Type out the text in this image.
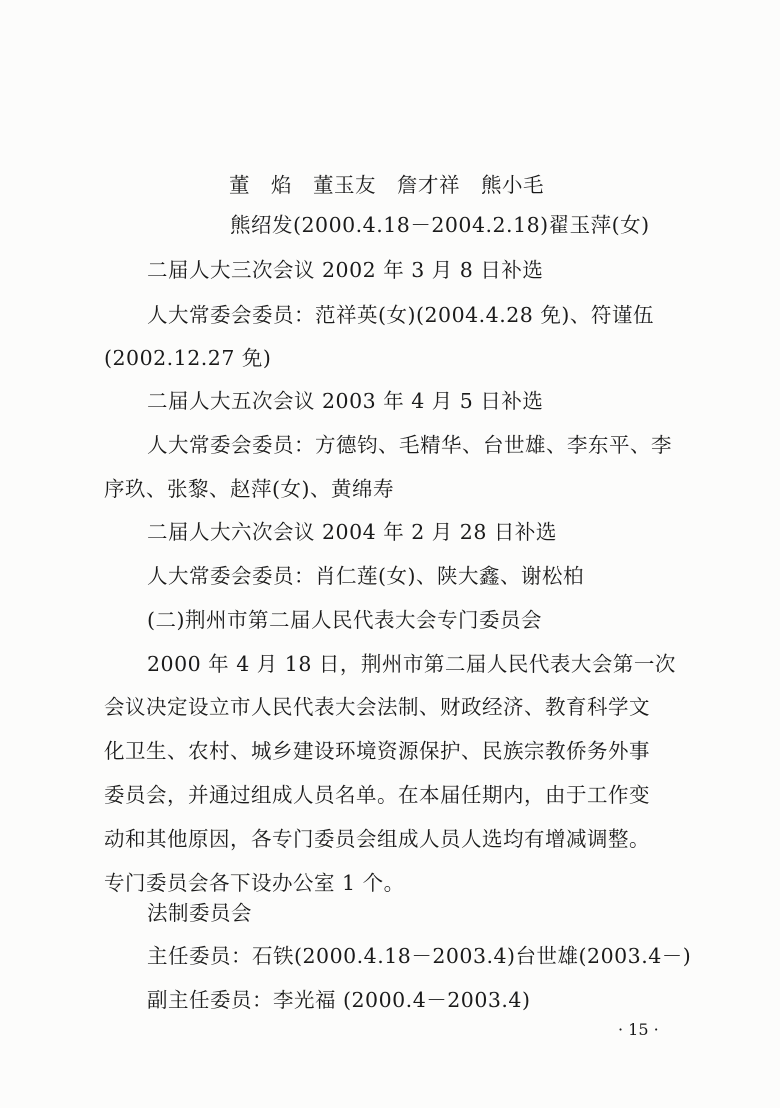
董　焰　董玉友　詹才祥　熊小毛
熊绍发(2000.4.18－2004.2.18)翟玉萍(女)
二届人大三次会议 2002 年 3 月 8 日补选
人大常委会委员：范祥英(女)(2004.4.28 免)、符谨伍
(2002.12.27 免)
二届人大五次会议 2003 年 4 月 5 日补选
人大常委会委员：方德钧、毛精华、台世雄、李东平、李
序玖、张黎、赵萍(女)、黄绵寿
二届人大六次会议 2004 年 2 月 28 日补选
人大常委会委员：肖仁莲(女)、陕大鑫、谢松柏
(二)荆州市第二届人民代表大会专门委员会
2000 年 4 月 18 日，荆州市第二届人民代表大会第一次
会议决定设立市人民代表大会法制、财政经济、教育科学文
化卫生、农村、城乡建设环境资源保护、民族宗教侨务外事
委员会，并通过组成人员名单。在本届任期内，由于工作变
动和其他原因，各专门委员会组成人员人选均有增减调整。
专门委员会各下设办公室 1 个。
法制委员会
主任委员：石铁(2000.4.18－2003.4)台世雄(2003.4－)
副主任委员：李光福 (2000.4－2003.4)
· 15 ·
